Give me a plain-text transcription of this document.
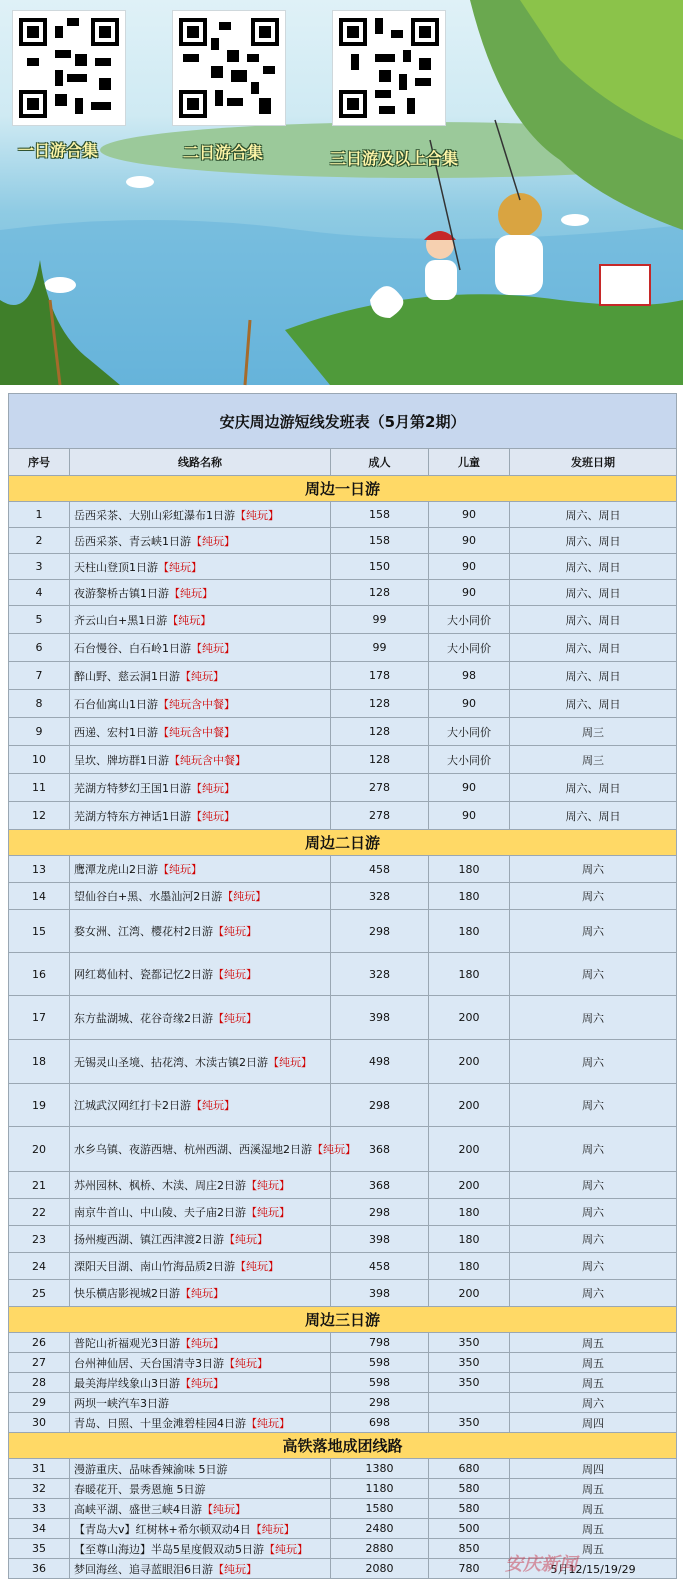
一日游合集	二日游合集	三日游及以上合集
安庆周边游短线发班表（5月第2期）				
序号	线路名称	成人	儿童	发班日期
周边一日游				
1	岳西采茶、大别山彩虹瀑布1日游【纯玩】	158	90	周六、周日
2	岳西采茶、青云峡1日游【纯玩】	158	90	周六、周日
3	天柱山登顶1日游【纯玩】	150	90	周六、周日
4	夜游黎桥古镇1日游【纯玩】	128	90	周六、周日
5	齐云山白+黑1日游【纯玩】	99	大小同价	周六、周日
6	石台慢谷、白石岭1日游【纯玩】	99	大小同价	周六、周日
7	醉山野、慈云洞1日游【纯玩】	178	98	周六、周日
8	石台仙寓山1日游【纯玩含中餐】	128	90	周六、周日
9	西递、宏村1日游【纯玩含中餐】	128	大小同价	周三
10	呈坎、牌坊群1日游【纯玩含中餐】	128	大小同价	周三
11	芜湖方特梦幻王国1日游【纯玩】	278	90	周六、周日
12	芜湖方特东方神话1日游【纯玩】	278	90	周六、周日
周边二日游				
13	鹰潭龙虎山2日游【纯玩】	458	180	周六
14	望仙谷白+黑、水墨汕河2日游【纯玩】	328	180	周六
15	婺女洲、江湾、樱花村2日游【纯玩】	298	180	周六
16	网红葛仙村、瓷都记忆2日游【纯玩】	328	180	周六
17	东方盐湖城、花谷奇缘2日游【纯玩】	398	200	周六
18	无锡灵山圣境、拈花湾、木渎古镇2日游【纯玩】	498	200	周六
19	江城武汉网红打卡2日游【纯玩】	298	200	周六
20	水乡乌镇、夜游西塘、杭州西湖、西溪湿地2日游【纯玩】	368	200	周六
21	苏州园林、枫桥、木渎、周庄2日游【纯玩】	368	200	周六
22	南京牛首山、中山陵、夫子庙2日游【纯玩】	298	180	周六
23	扬州瘦西湖、镇江西津渡2日游【纯玩】	398	180	周六
24	溧阳天目湖、南山竹海品质2日游【纯玩】	458	180	周六
25	快乐横店影视城2日游【纯玩】	398	200	周六
周边三日游				
26	普陀山祈福观光3日游【纯玩】	798	350	周五
27	台州神仙居、天台国清寺3日游【纯玩】	598	350	周五
28	最美海岸线象山3日游【纯玩】	598	350	周五
29	两坝一峡汽车3日游	298		周六
30	青岛、日照、十里金滩碧桂园4日游【纯玩】	698	350	周四
高铁落地成团线路				
31	漫游重庆、品味香辣渝味 5日游	1380	680	周四
32	春暖花开、景秀恩施 5日游	1180	580	周五
33	高峡平湖、盛世三峡4日游【纯玩】	1580	580	周五
34	【青岛大v】红树林+希尔顿双动4日【纯玩】	2480	500	周五
35	【至尊山海边】半岛5星度假双动5日游【纯玩】	2880	850	周五
36	梦回海丝、追寻蓝眼泪6日游【纯玩】	2080	780	5月12/15/19/29
安庆新闻
